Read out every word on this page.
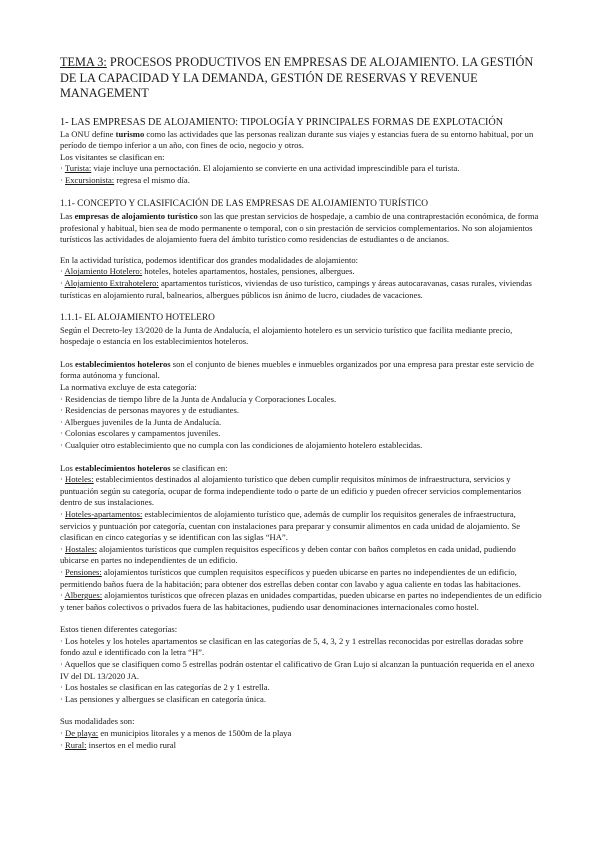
TEMA 3: PROCESOS PRODUCTIVOS EN EMPRESAS DE ALOJAMIENTO. LA GESTIÓN DE LA CAPACIDAD Y LA DEMANDA, GESTIÓN DE RESERVAS Y REVENUE MANAGEMENT
1- LAS EMPRESAS DE ALOJAMIENTO: TIPOLOGÍA Y PRINCIPALES FORMAS DE EXPLOTACIÓN

La ONU define turismo como las actividades que las personas realizan durante sus viajes y estancias fuera de su entorno habitual, por un período de tiempo inferior a un año, con fines de ocio, negocio y otros.

Los visitantes se clasifican en:

· Turista: viaje incluye una pernoctación. El alojamiento se convierte en una actividad imprescindible para el turista.

· Excursionista: regresa el mismo día.

1.1- CONCEPTO Y CLASIFICACIÓN DE LAS EMPRESAS DE ALOJAMIENTO TURÍSTICO

Las empresas de alojamiento turístico son las que prestan servicios de hospedaje, a cambio de una contraprestación económica, de forma profesional y habitual, bien sea de modo permanente o temporal, con o sin prestación de servicios complementarios. No son alojamientos turísticos las actividades de alojamiento fuera del ámbito turístico como residencias de estudiantes o de ancianos.

En la actividad turística, podemos identificar dos grandes modalidades de alojamiento:

· Alojamiento Hotelero: hoteles, hoteles apartamentos, hostales, pensiones, albergues.

· Alojamiento Extrahotelero: apartamentos turísticos, viviendas de uso turístico, campings y áreas autocaravanas, casas rurales, viviendas turísticas en alojamiento rural, balnearios, albergues públicos isn ánimo de lucro, ciudades de vacaciones.

1.1.1- EL ALOJAMIENTO HOTELERO

Según el Decreto-ley 13/2020 de la Junta de Andalucía, el alojamiento hotelero es un servicio turístico que facilita mediante precio, hospedaje o estancia en los establecimientos hoteleros.

Los establecimientos hoteleros son el conjunto de bienes muebles e inmuebles organizados por una empresa para prestar este servicio de forma autónoma y funcional.

La normativa excluye de esta categoría:

· Residencias de tiempo libre de la Junta de Andalucía y Corporaciones Locales.

· Residencias de personas mayores y de estudiantes.

· Albergues juveniles de la Junta de Andalucía.

· Colonias escolares y campamentos juveniles.

· Cualquier otro establecimiento que no cumpla con las condiciones de alojamiento hotelero establecidas.

Los establecimientos hoteleros se clasifican en:

· Hoteles: establecimientos destinados al alojamiento turístico que deben cumplir requisitos mínimos de infraestructura, servicios y puntuación según su categoría, ocupar de forma independiente todo o parte de un edificio y pueden ofrecer servicios complementarios dentro de sus instalaciones.

· Hoteles-apartamentos: establecimientos de alojamiento turístico que, además de cumplir los requisitos generales de infraestructura, servicios y puntuación por categoría, cuentan con instalaciones para preparar y consumir alimentos en cada unidad de alojamiento. Se clasifican en cinco categorías y se identifican con las siglas “HA”.

· Hostales: alojamientos turísticos que cumplen requisitos específicos y deben contar con baños completos en cada unidad, pudiendo ubicarse en partes no independientes de un edificio.

· Pensiones: alojamientos turísticos que cumplen requisitos específicos y pueden ubicarse en partes no independientes de un edificio, permitiendo baños fuera de la habitación; para obtener dos estrellas deben contar con lavabo y agua caliente en todas las habitaciones.

· Albergues: alojamientos turísticos que ofrecen plazas en unidades compartidas, pueden ubicarse en partes no independientes de un edificio y tener baños colectivos o privados fuera de las habitaciones, pudiendo usar denominaciones internacionales como hostel.

Estos tienen diferentes categorías:

· Los hoteles y los hoteles apartamentos se clasifican en las categorías de 5, 4, 3, 2 y 1 estrellas reconocidas por estrellas doradas sobre fondo azul e identificado con la letra “H”.

· Aquellos que se clasifiquen como 5 estrellas podrán ostentar el calificativo de Gran Lujo si alcanzan la puntuación requerida en el anexo IV del DL 13/2020 JA.

· Los hostales se clasifican en las categorías de 2 y 1 estrella.

· Las pensiones y albergues se clasifican en categoría única.

Sus modalidades son:

· De playa: en municipios litorales y a menos de 1500m de la playa

· Rural: insertos en el medio rural
